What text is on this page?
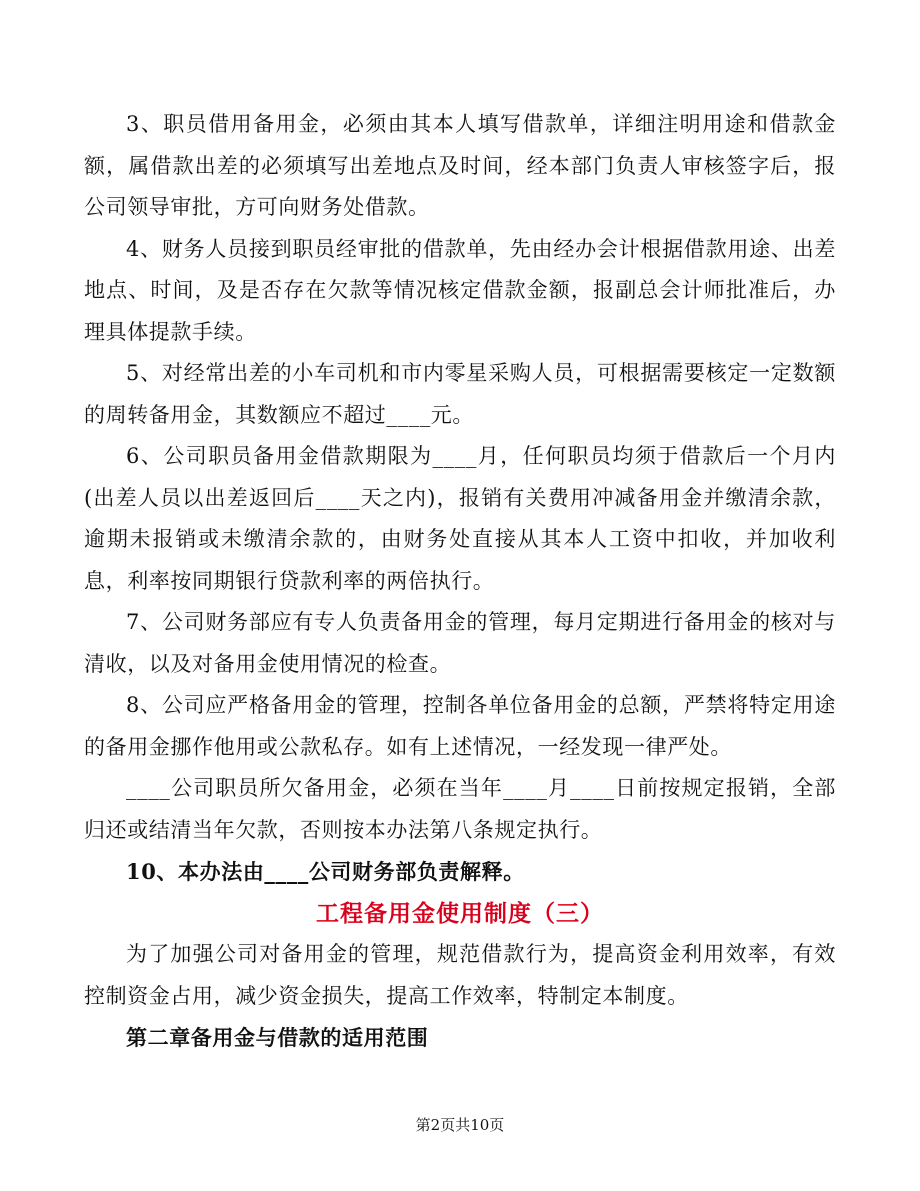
3、职员借用备用金，必须由其本人填写借款单，详细注明用途和借款金额，属借款出差的必须填写出差地点及时间，经本部门负责人审核签字后，报公司领导审批，方可向财务处借款。

4、财务人员接到职员经审批的借款单，先由经办会计根据借款用途、出差地点、时间，及是否存在欠款等情况核定借款金额，报副总会计师批准后，办理具体提款手续。

5、对经常出差的小车司机和市内零星采购人员，可根据需要核定一定数额的周转备用金，其数额应不超过____元。

6、公司职员备用金借款期限为____月，任何职员均须于借款后一个月内(出差人员以出差返回后____天之内)，报销有关费用冲减备用金并缴清余款，逾期未报销或未缴清余款的，由财务处直接从其本人工资中扣收，并加收利息，利率按同期银行贷款利率的两倍执行。

7、公司财务部应有专人负责备用金的管理，每月定期进行备用金的核对与清收，以及对备用金使用情况的检查。

8、公司应严格备用金的管理，控制各单位备用金的总额，严禁将特定用途的备用金挪作他用或公款私存。如有上述情况，一经发现一律严处。

____公司职员所欠备用金，必须在当年____月____日前按规定报销，全部归还或结清当年欠款，否则按本办法第八条规定执行。

10、本办法由____公司财务部负责解释。

工程备用金使用制度（三）

为了加强公司对备用金的管理，规范借款行为，提高资金利用效率，有效控制资金占用，减少资金损失，提高工作效率，特制定本制度。

第二章备用金与借款的适用范围

第2页共10页
